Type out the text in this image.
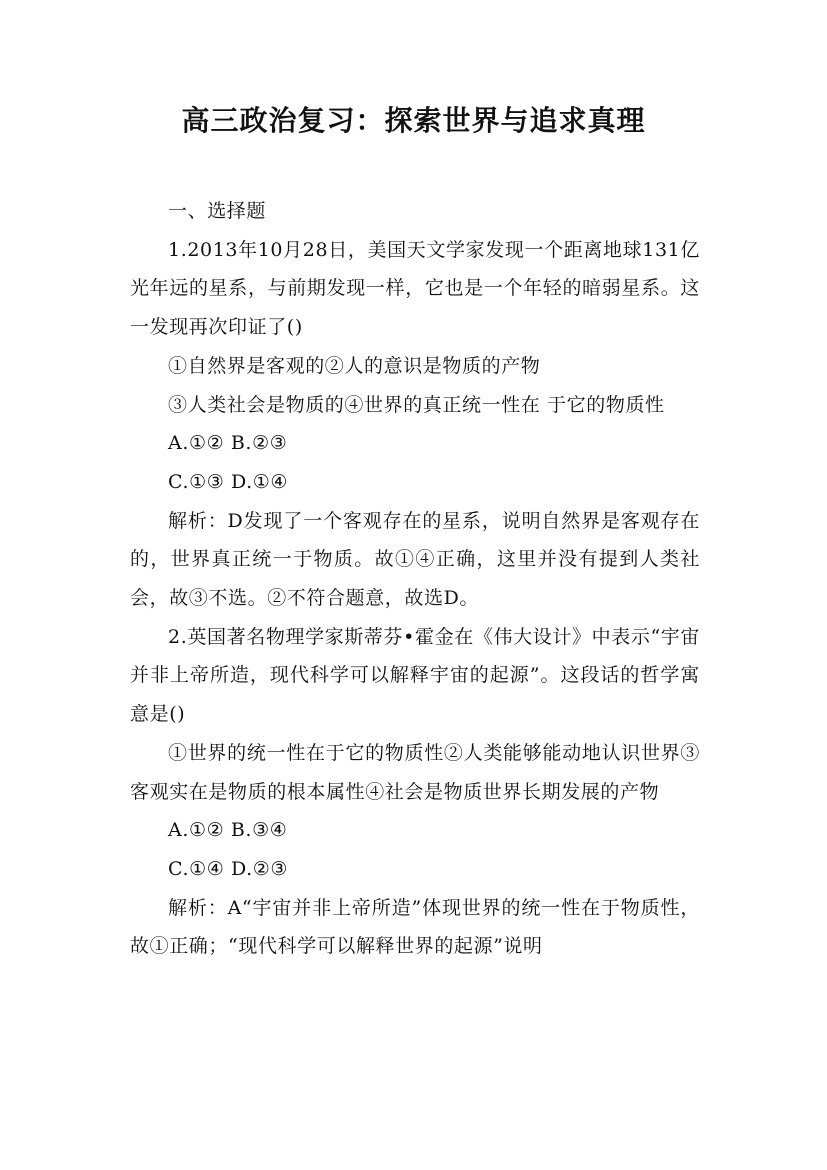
高三政治复习：探索世界与追求真理

一、选择题

1.2013年10月28日，美国天文学家发现一个距离地球131亿光年远的星系，与前期发现一样，它也是一个年轻的暗弱星系。这一发现再次印证了()

①自然界是客观的②人的意识是物质的产物

③人类社会是物质的④世界的真正统一性在 于它的物质性

A.①② B.②③

C.①③ D.①④

解析：D发现了一个客观存在的星系，说明自然界是客观存在的，世界真正统一于物质。故①④正确，这里并没有提到人类社会，故③不选。②不符合题意，故选D。

2.英国著名物理学家斯蒂芬•霍金在《伟大设计》中表示“宇宙并非上帝所造，现代科学可以解释宇宙的起源”。这段话的哲学寓意是()

①世界的统一性在于它的物质性②人类能够能动地认识世界③客观实在是物质的根本属性④社会是物质世界长期发展的产物

A.①② B.③④

C.①④ D.②③

解析：A“宇宙并非上帝所造”体现世界的统一性在于物质性，故①正确；“现代科学可以解释世界的起源”说明
